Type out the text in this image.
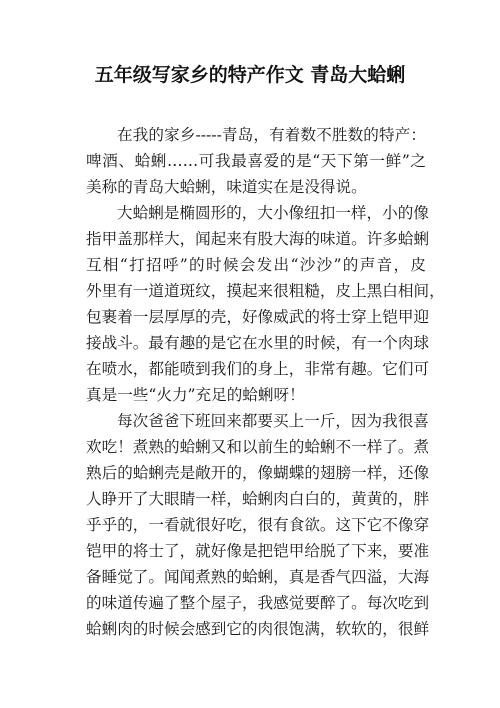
五年级写家乡的特产作文 青岛大蛤蜊
在我的家乡-----青岛，有着数不胜数的特产：
啤酒、蛤蜊……可我最喜爱的是“天下第一鲜”之
美称的青岛大蛤蜊，味道实在是没得说。
大蛤蜊是椭圆形的，大小像纽扣一样，小的像
指甲盖那样大，闻起来有股大海的味道。许多蛤蜊
互相“打招呼”的时候会发出“沙沙”的声音，皮
外里有一道道斑纹，摸起来很粗糙，皮上黑白相间，
包裹着一层厚厚的壳，好像威武的将士穿上铠甲迎
接战斗。最有趣的是它在水里的时候，有一个肉球
在喷水，都能喷到我们的身上，非常有趣。它们可
真是一些“火力”充足的蛤蜊呀！
每次爸爸下班回来都要买上一斤，因为我很喜
欢吃！煮熟的蛤蜊又和以前生的蛤蜊不一样了。煮
熟后的蛤蜊壳是敞开的，像蝴蝶的翅膀一样，还像
人睁开了大眼睛一样，蛤蜊肉白白的，黄黄的，胖
乎乎的，一看就很好吃，很有食欲。这下它不像穿
铠甲的将士了，就好像是把铠甲给脱了下来，要准
备睡觉了。闻闻煮熟的蛤蜊，真是香气四溢，大海
的味道传遍了整个屋子，我感觉要醉了。每次吃到
蛤蜊肉的时候会感到它的肉很饱满，软软的，很鲜
